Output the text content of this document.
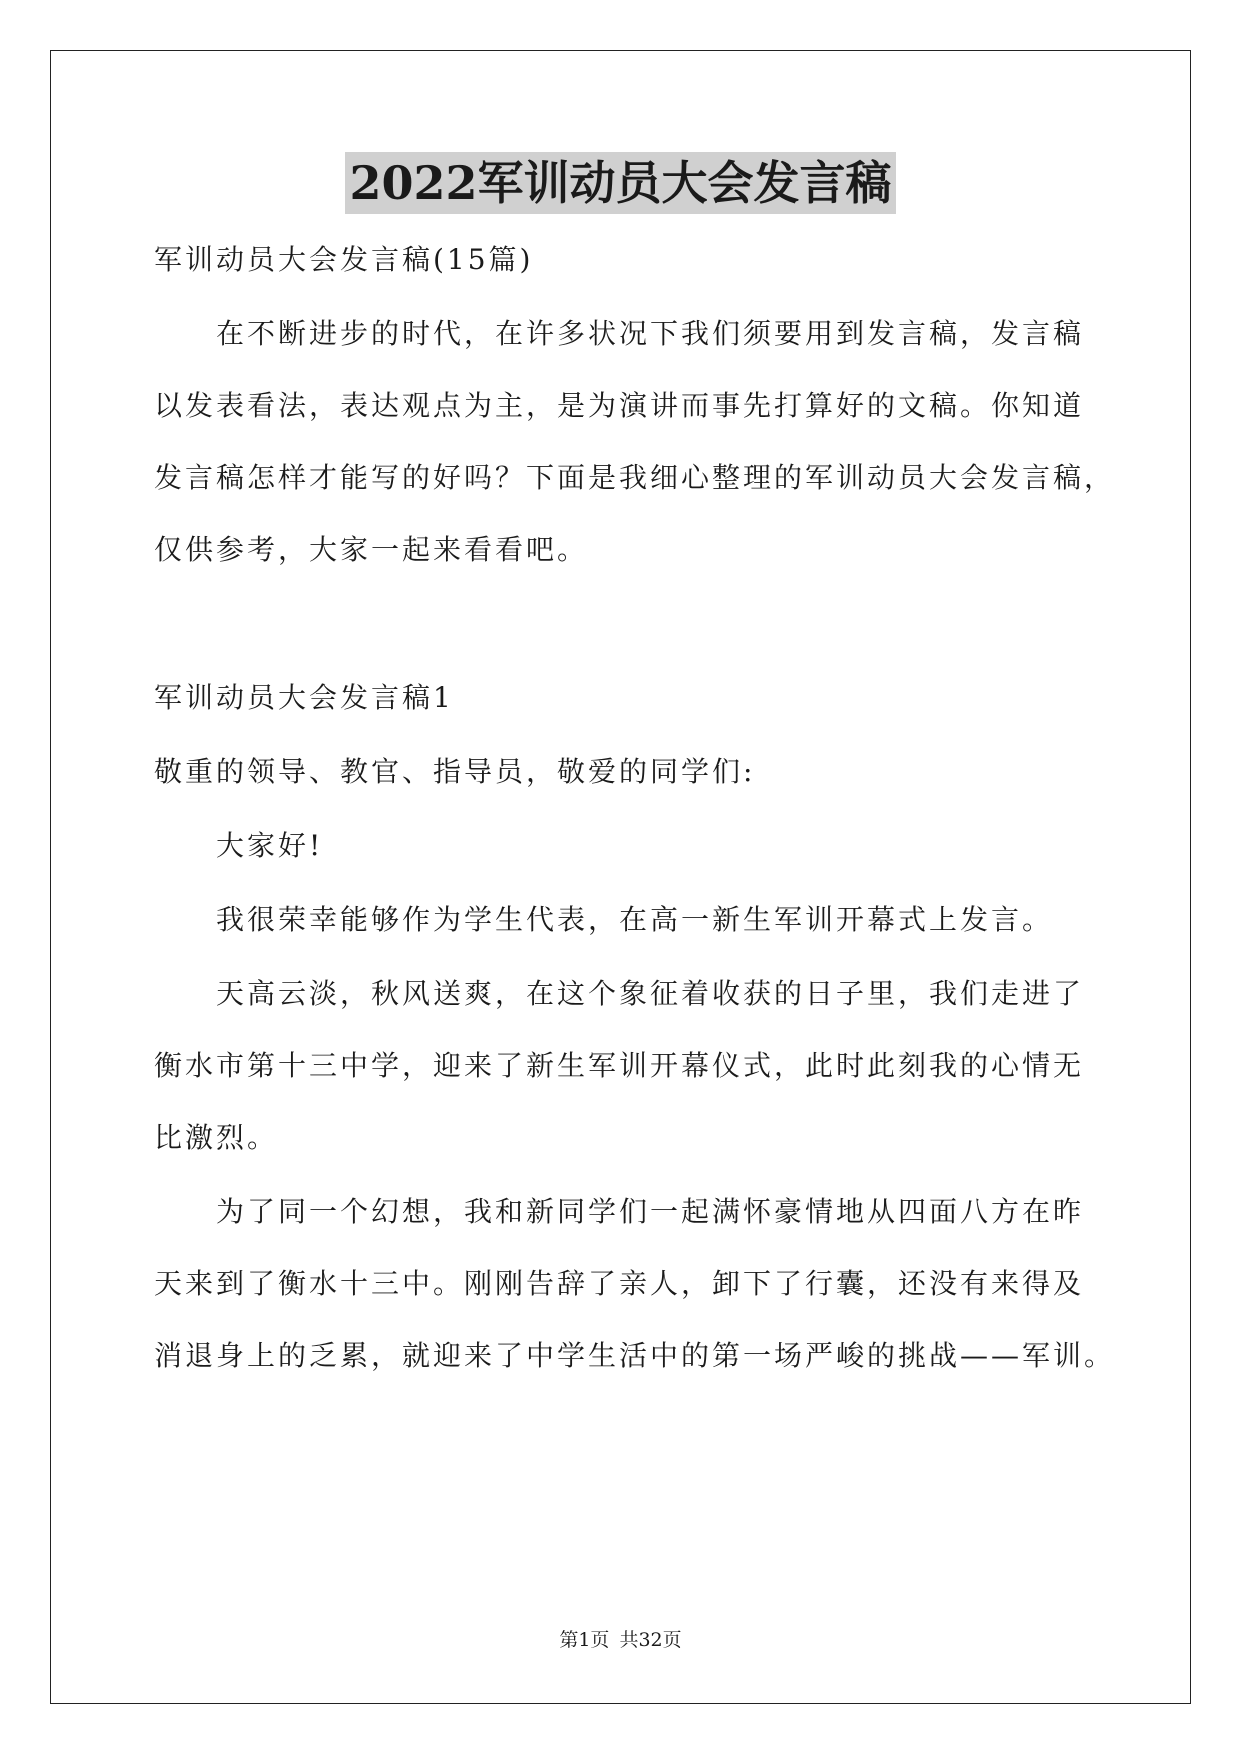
2022军训动员大会发言稿
军训动员大会发言稿(15篇)
在不断进步的时代，在许多状况下我们须要用到发言稿，发言稿
以发表看法，表达观点为主，是为演讲而事先打算好的文稿。你知道
发言稿怎样才能写的好吗？下面是我细心整理的军训动员大会发言稿，
仅供参考，大家一起来看看吧。
军训动员大会发言稿1
敬重的领导、教官、指导员，敬爱的同学们:
大家好!
我很荣幸能够作为学生代表，在高一新生军训开幕式上发言。
天高云淡，秋风送爽，在这个象征着收获的日子里，我们走进了
衡水市第十三中学，迎来了新生军训开幕仪式，此时此刻我的心情无
比激烈。
为了同一个幻想，我和新同学们一起满怀豪情地从四面八方在昨
天来到了衡水十三中。刚刚告辞了亲人，卸下了行囊，还没有来得及
消退身上的乏累，就迎来了中学生活中的第一场严峻的挑战——军训。
第1页 共32页
